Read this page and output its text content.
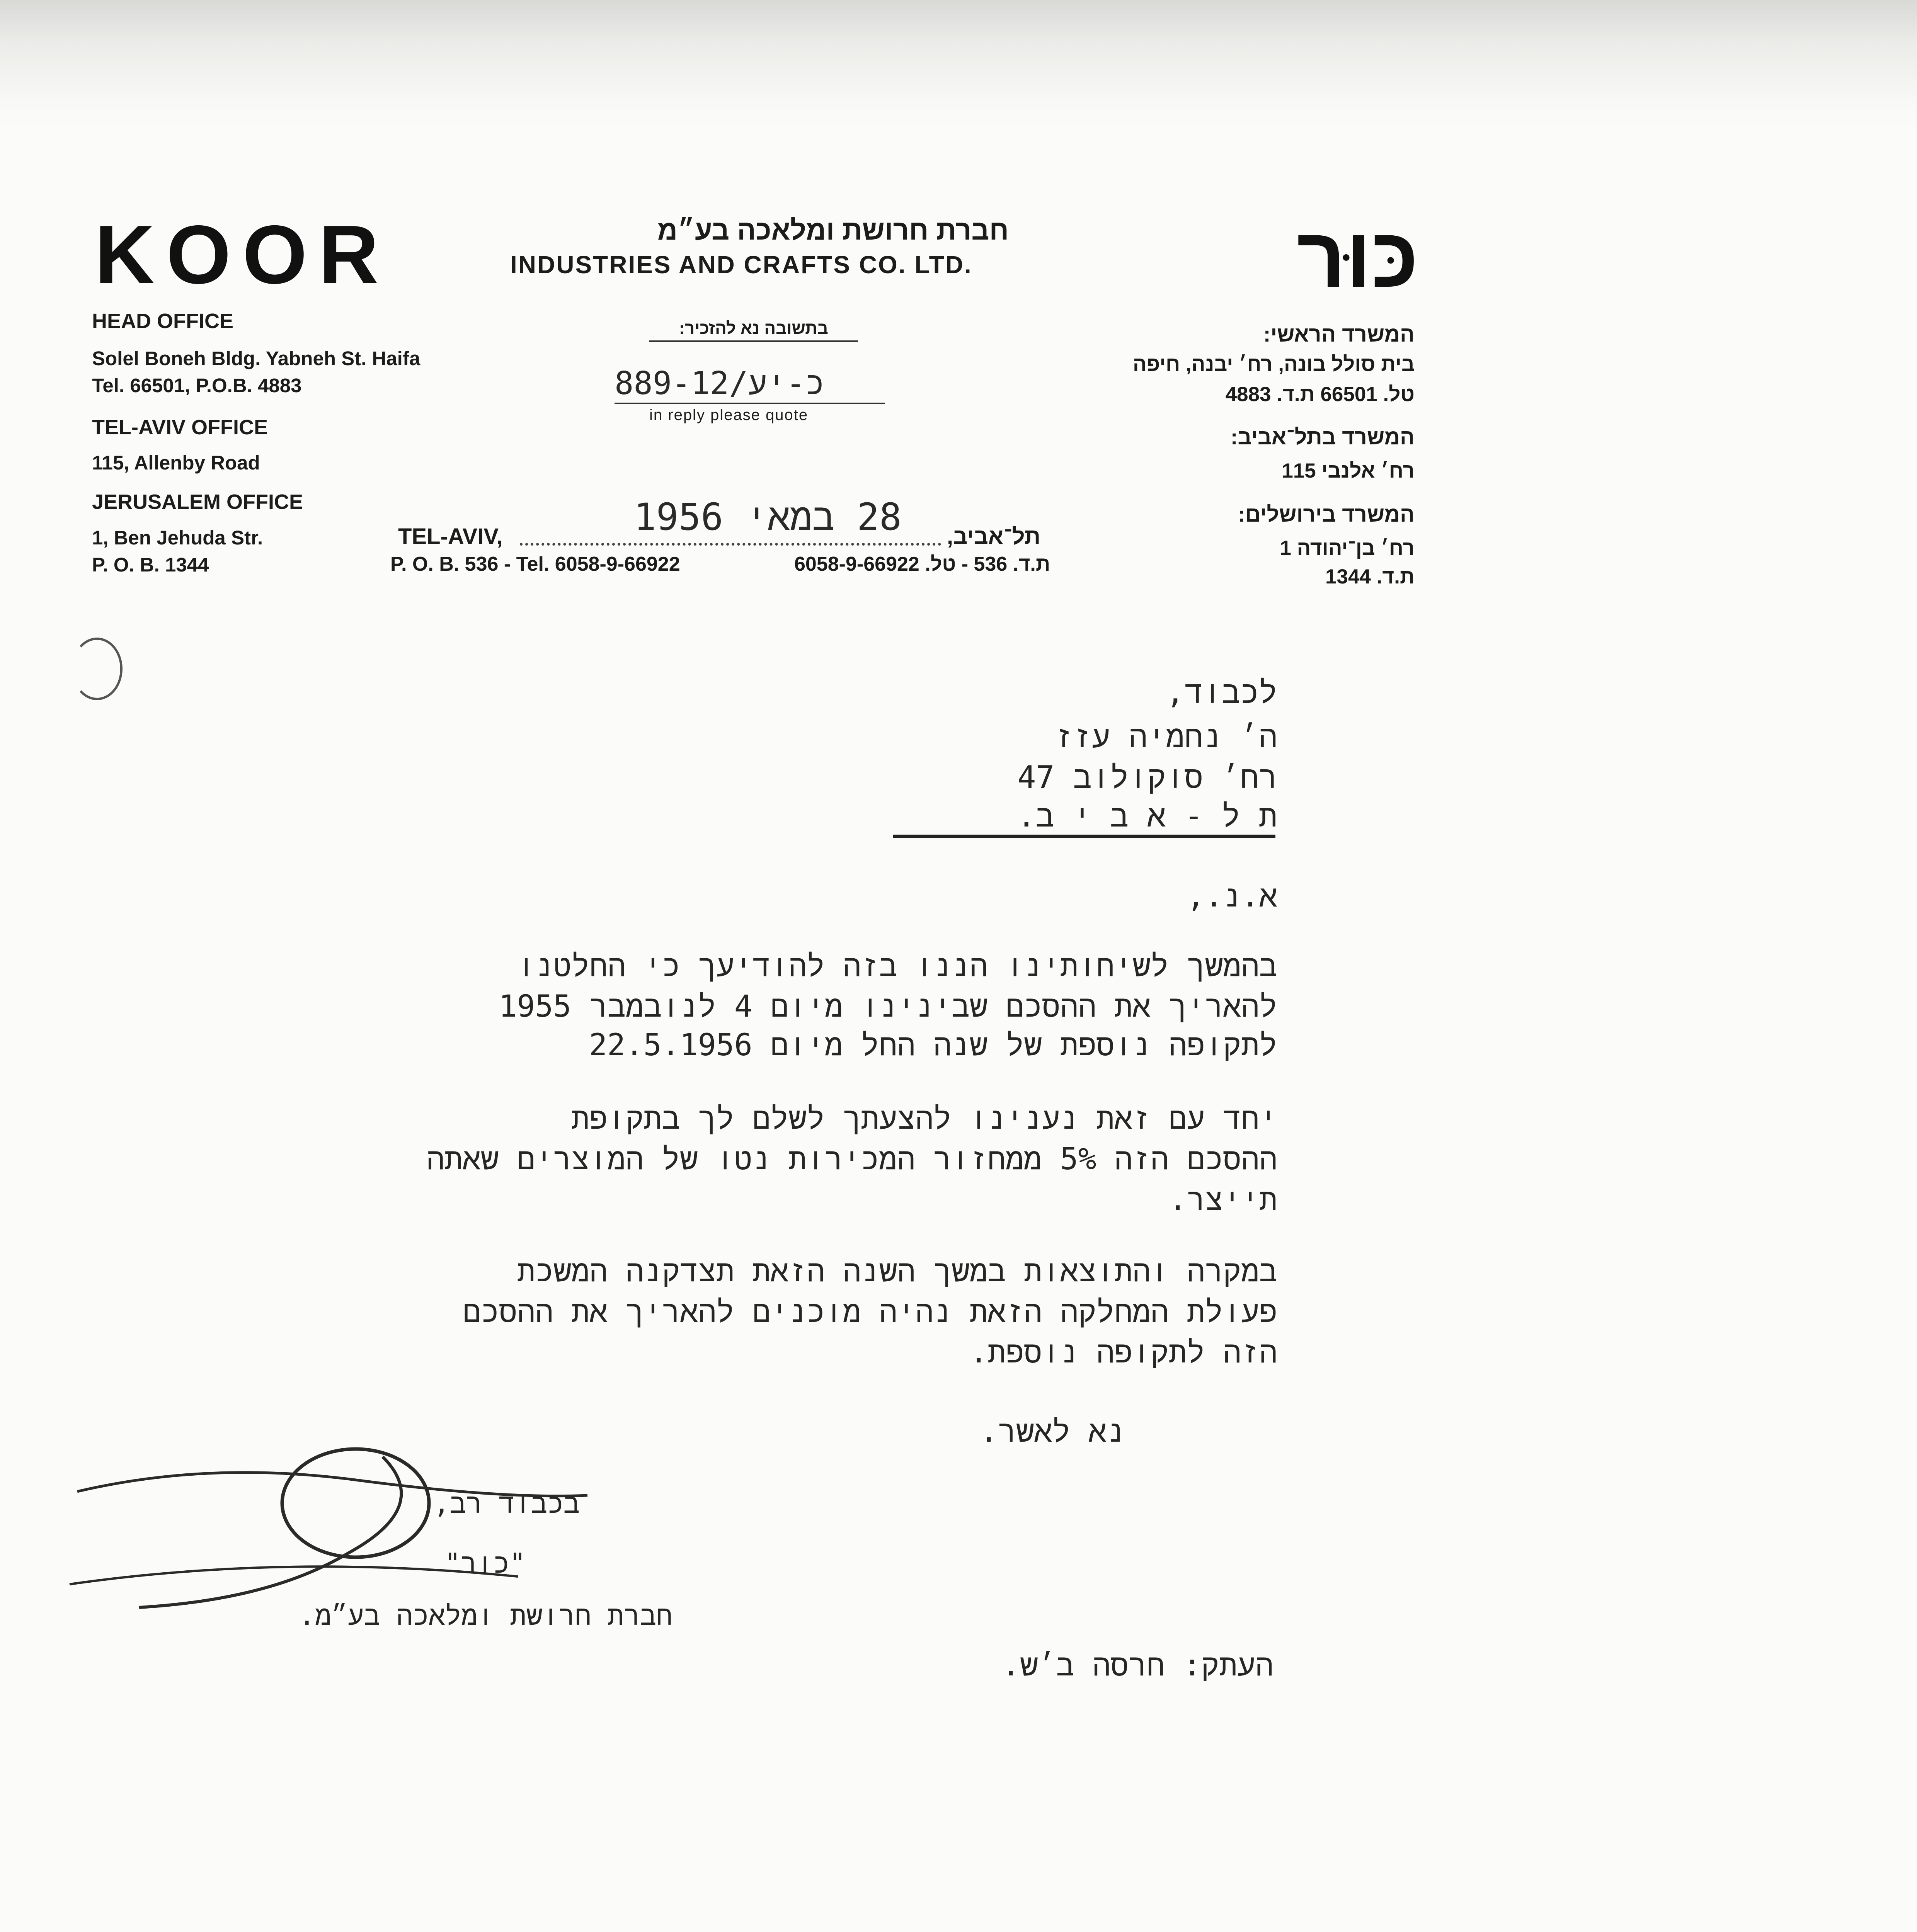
KOOR	כּוּר
חברת חרושת ומלאכה בע״מ
INDUSTRIES AND CRAFTS CO. LTD.
HEAD OFFICE
Solel Boneh Bldg. Yabneh St. Haifa
Tel. 66501, P.O.B. 4883
TEL-AVIV OFFICE
115, Allenby Road
JERUSALEM OFFICE
1, Ben Jehuda Str.
P. O. B. 1344
המשרד הראשי:
בית סולל בונה, רח׳ יבנה, חיפה
טל. 66501 ת.ד. 4883
המשרד בתל־אביב:
רח׳ אלנבי 115
המשרד בירושלים:
רח׳ בן־יהודה 1
ת.ד. 1344
בתשובה נא להזכיר:
889-12/כ-יע
in reply please quote
TEL-AVIV,	28 במאי 1956 תל־אביב,
P. O. B. 536 - Tel. 6058-9-66922	ת.ד. 536 - טל. 6058-9-66922
לכבוד,
ה׳ נחמיה עזז
רח׳ סוקולוב 47
ת ל - א ב י ב.
א.נ.,
בהמשך לשיחותינו הננו בזה להודיעך כי החלטנו
להאריך את ההסכם שבינינו מיום 4 לנובמבר 1955
לתקופה נוספת של שנה החל מיום 22.5.1956
יחד עם זאת נענינו להצעתך לשלם לך בתקופת
ההסכם הזה 5% ממחזור המכירות נטו של המוצרים שאתה
תייצר.
במקרה והתוצאות במשך השנה הזאת תצדקנה המשכת
פעולת המחלקה הזאת נהיה מוכנים להאריך את ההסכם
הזה לתקופה נוספת.
נא לאשר.
בכבוד רב,
"כור"
חברת חרושת ומלאכה בע״מ.
העתק: חרסה ב׳ש.
